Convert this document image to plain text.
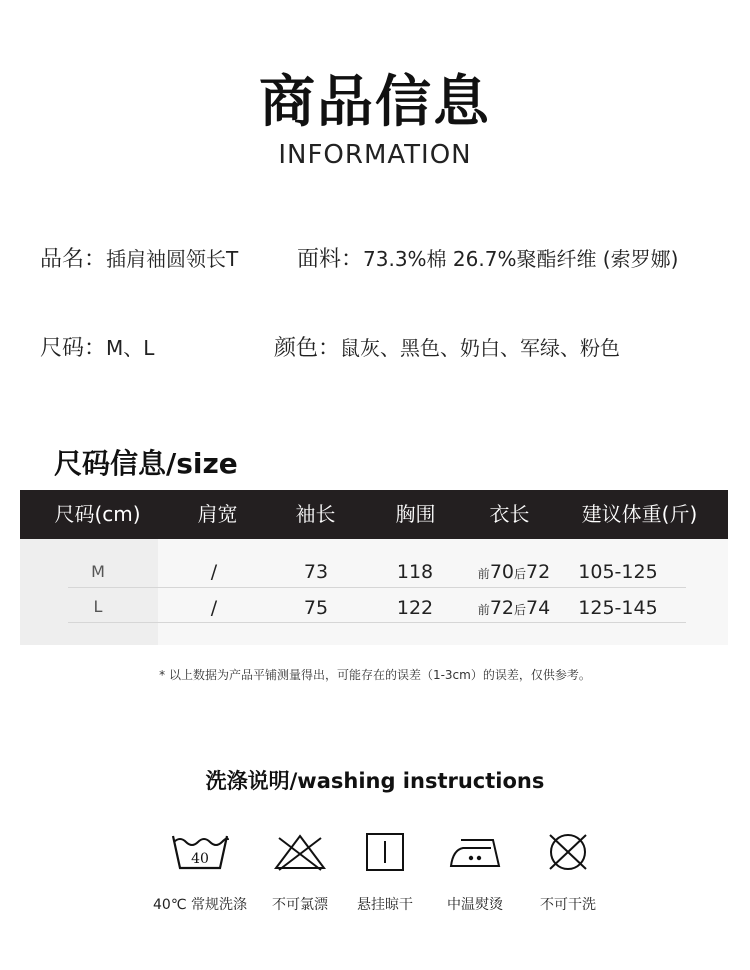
商品信息
INFORMATION
品名：插肩袖圆领长T	面料：73.3%棉 26.7%聚酯纤维 (索罗娜)
尺码：M、L	颜色：鼠灰、黑色、奶白、军绿、粉色
尺码信息/size
尺码(cm)	肩宽	袖长	胸围	衣长	建议体重(斤)
M	/	73	118	前70后72	105-125
L	/	75	122	前72后74	125-145
* 以上数据为产品平铺测量得出，可能存在的误差（1-3cm）的误差，仅供参考。
洗涤说明/washing instructions
40
40℃ 常规洗涤	不可氯漂	悬挂晾干	中温熨烫	不可干洗
